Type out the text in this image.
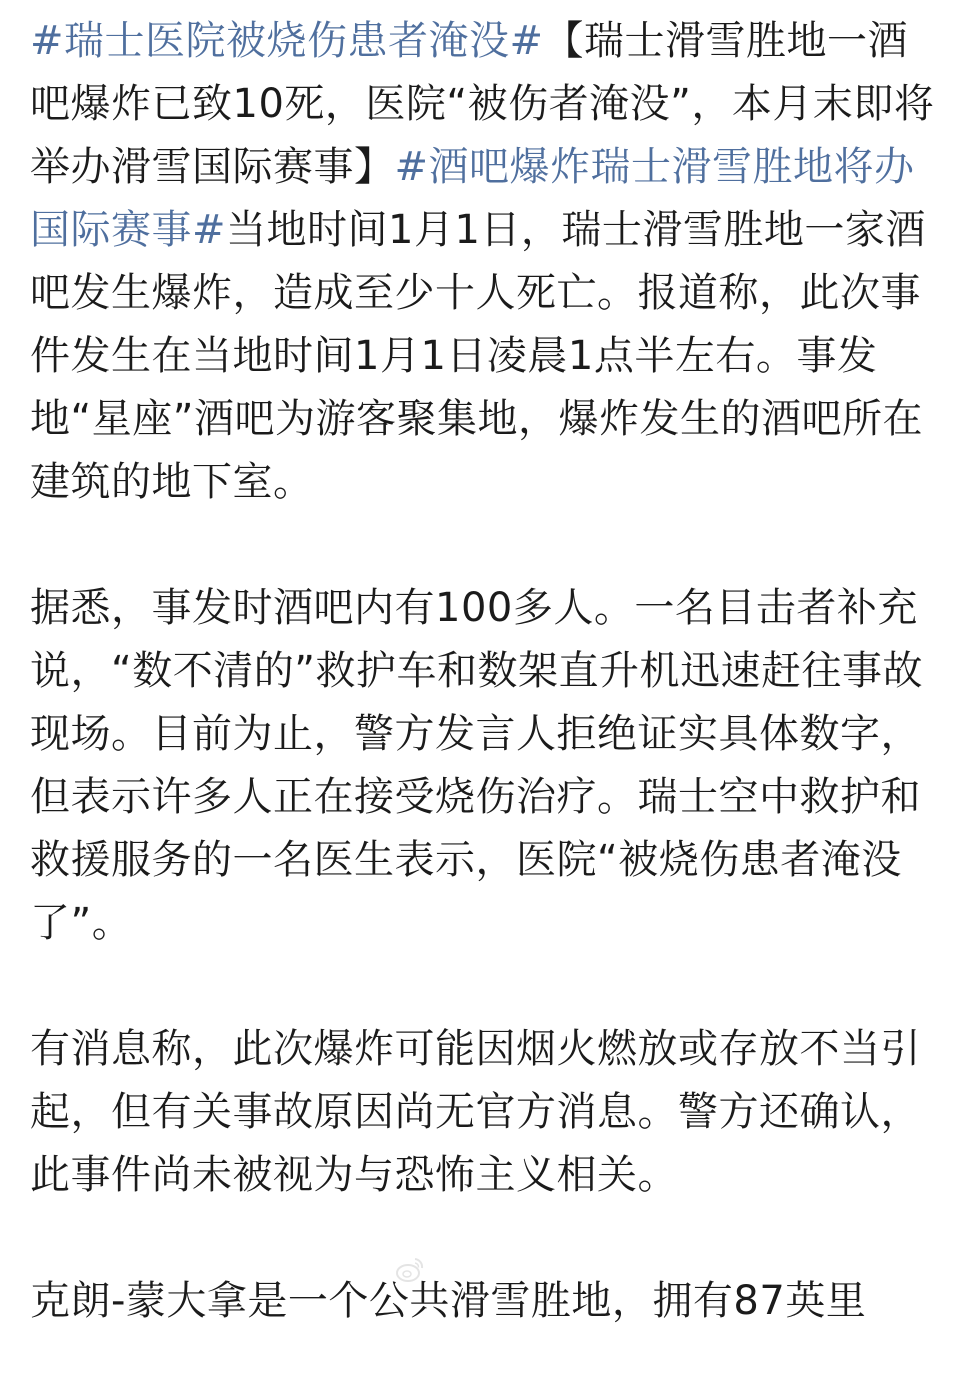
#瑞士医院被烧伤患者淹没#【瑞士滑雪胜地一酒吧爆炸已致10死，医院“被伤者淹没”，本月末即将举办滑雪国际赛事】#酒吧爆炸瑞士滑雪胜地将办国际赛事#当地时间1月1日，瑞士滑雪胜地一家酒吧发生爆炸，造成至少十人死亡。报道称，此次事件发生在当地时间1月1日凌晨1点半左右。事发地“星座”酒吧为游客聚集地，爆炸发生的酒吧所在建筑的地下室。

据悉，事发时酒吧内有100多人。一名目击者补充说，“数不清的”救护车和数架直升机迅速赶往事故现场。目前为止，警方发言人拒绝证实具体数字，但表示许多人正在接受烧伤治疗。瑞士空中救护和救援服务的一名医生表示，医院“被烧伤患者淹没了”。

有消息称，此次爆炸可能因烟火燃放或存放不当引起，但有关事故原因尚无官方消息。警方还确认，此事件尚未被视为与恐怖主义相关。

克朗-蒙大拿是一个公共滑雪胜地，拥有87英里
